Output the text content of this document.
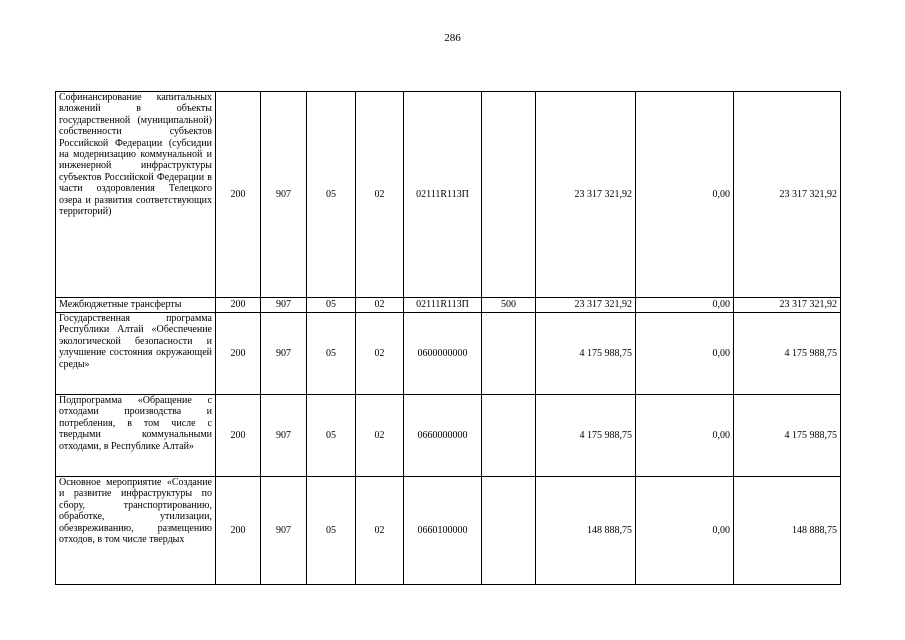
286
Софинансирование капитальных вложений в объекты государственной (муниципальной) собственности субъектов Российской Федерации (субсидии на модернизацию коммунальной и инженерной инфраструктуры субъектов Российской Федерации в части оздоровления Телецкого озера и развития соответствующих территорий)	200	907	05	02	02111R113П		23 317 321,92	0,00	23 317 321,92

Межбюджетные трансферты	200	907	05	02	02111R113П	500	23 317 321,92	0,00	23 317 321,92

Государственная программа Республики Алтай «Обеспечение экологической безопасности и улучшение состояния окружающей среды»	200	907	05	02	0600000000		4 175 988,75	0,00	4 175 988,75

Подпрограмма «Обращение с отходами производства и потребления, в том числе с твердыми коммунальными отходами, в Республике Алтай»	200	907	05	02	0660000000		4 175 988,75	0,00	4 175 988,75

Основное мероприятие «Создание и развитие инфраструктуры по сбору, транспортированию, обработке, утилизации, обезвреживанию, размещению отходов, в том числе твердых	200	907	05	02	0660100000		148 888,75	0,00	148 888,75
